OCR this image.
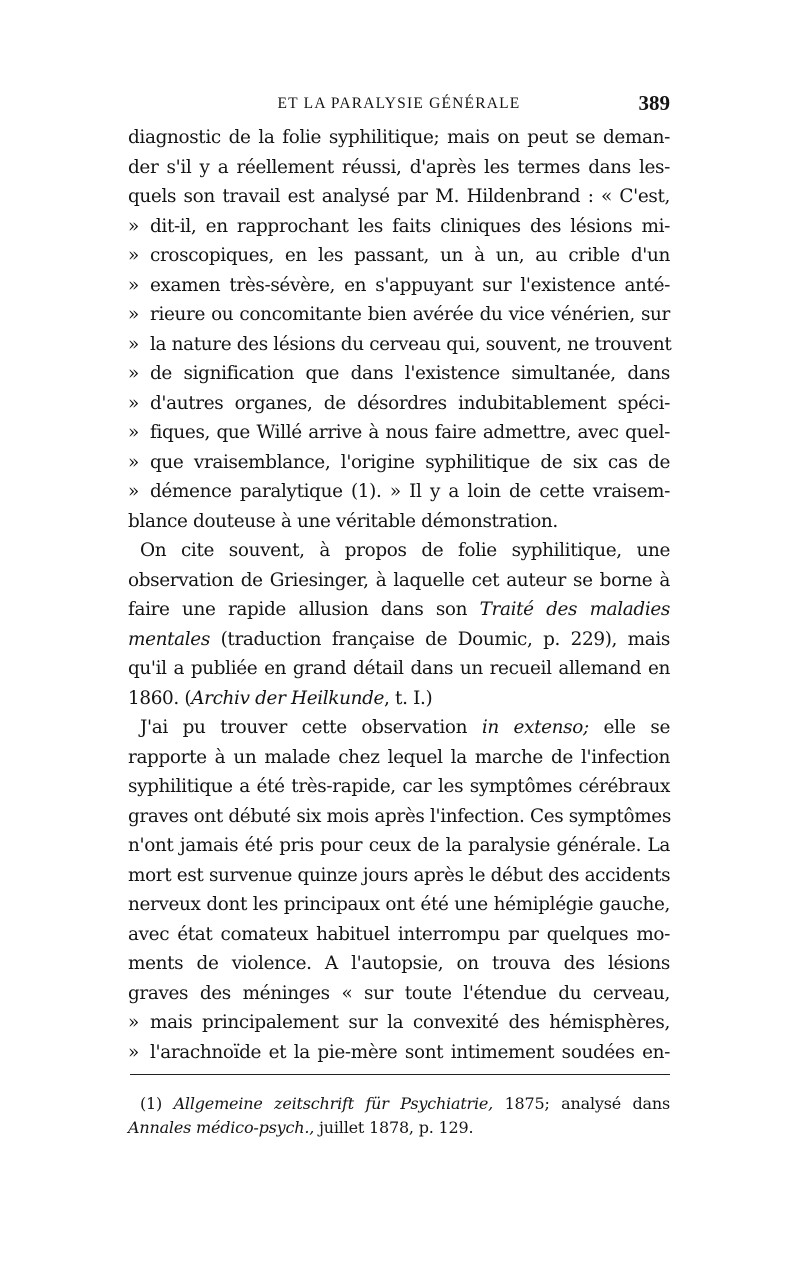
ET LA PARALYSIE GÉNÉRALE	389
diagnostic de la folie syphilitique; mais on peut se deman-
der s'il y a réellement réussi, d'après les termes dans les-
quels son travail est analysé par M. Hildenbrand : « C'est,
» dit-il, en rapprochant les faits cliniques des lésions mi-
» croscopiques, en les passant, un à un, au crible d'un
» examen très-sévère, en s'appuyant sur l'existence anté-
» rieure ou concomitante bien avérée du vice vénérien, sur
» la nature des lésions du cerveau qui, souvent, ne trouvent
» de signification que dans l'existence simultanée, dans
» d'autres organes, de désordres indubitablement spéci-
» fiques, que Willé arrive à nous faire admettre, avec quel-
» que vraisemblance, l'origine syphilitique de six cas de
» démence paralytique (1). » Il y a loin de cette vraisem-
blance douteuse à une véritable démonstration.
On cite souvent, à propos de folie syphilitique, une
observation de Griesinger, à laquelle cet auteur se borne à
faire une rapide allusion dans son Traité des maladies
mentales (traduction française de Doumic, p. 229), mais
qu'il a publiée en grand détail dans un recueil allemand en
1860. (Archiv der Heilkunde, t. I.)
J'ai pu trouver cette observation in extenso; elle se
rapporte à un malade chez lequel la marche de l'infection
syphilitique a été très-rapide, car les symptômes cérébraux
graves ont débuté six mois après l'infection. Ces symptômes
n'ont jamais été pris pour ceux de la paralysie générale. La
mort est survenue quinze jours après le début des accidents
nerveux dont les principaux ont été une hémiplégie gauche,
avec état comateux habituel interrompu par quelques mo-
ments de violence. A l'autopsie, on trouva des lésions
graves des méninges « sur toute l'étendue du cerveau,
» mais principalement sur la convexité des hémisphères,
» l'arachnoïde et la pie-mère sont intimement soudées en-
(1) Allgemeine zeitschrift für Psychiatrie, 1875; analysé dans
Annales médico-psych., juillet 1878, p. 129.
